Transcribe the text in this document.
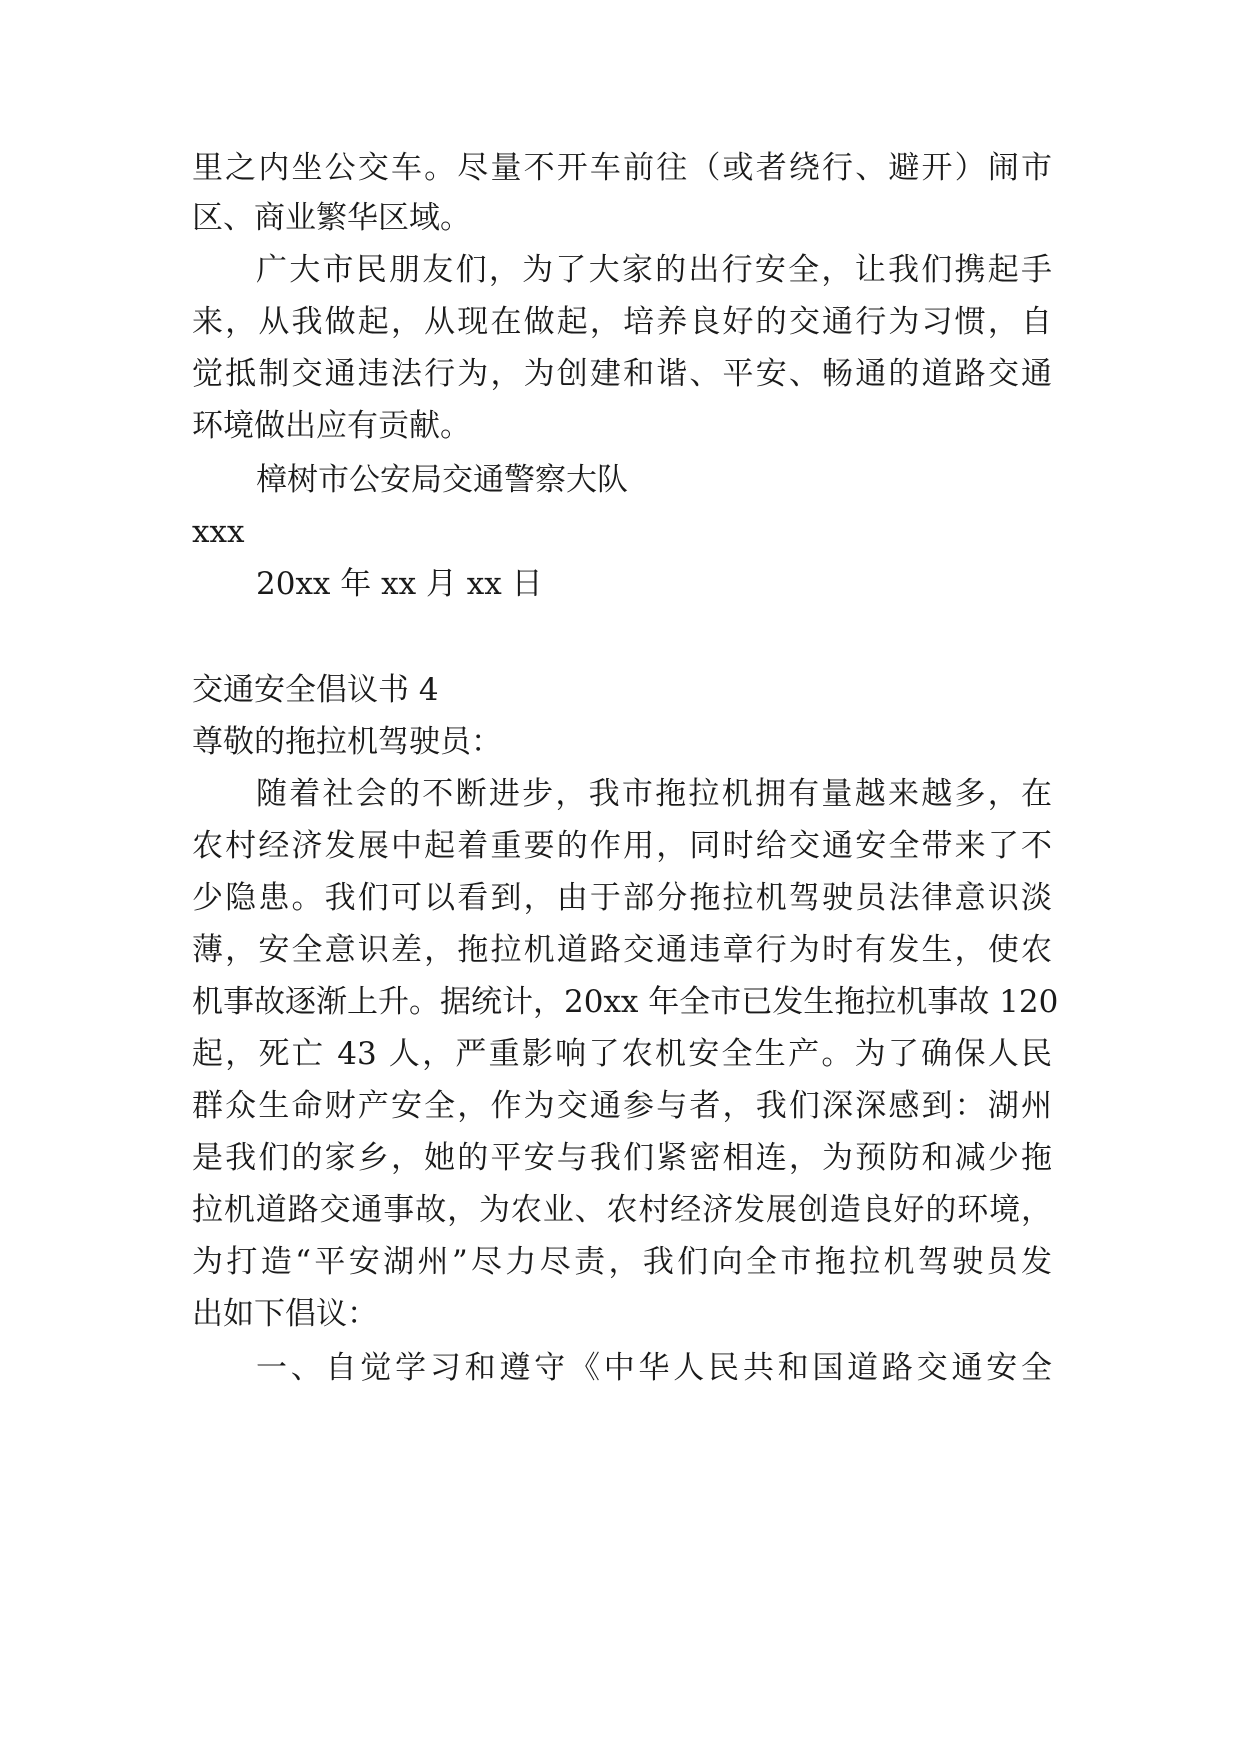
里之内坐公交车。尽量不开车前往（或者绕行、避开）闹市
区、商业繁华区域。
广大市民朋友们，为了大家的出行安全，让我们携起手
来，从我做起，从现在做起，培养良好的交通行为习惯，自
觉抵制交通违法行为，为创建和谐、平安、畅通的道路交通
环境做出应有贡献。
樟树市公安局交通警察大队
xxx
20xx 年 xx 月 xx 日
交通安全倡议书 4
尊敬的拖拉机驾驶员：
随着社会的不断进步，我市拖拉机拥有量越来越多，在
农村经济发展中起着重要的作用，同时给交通安全带来了不
少隐患。我们可以看到，由于部分拖拉机驾驶员法律意识淡
薄，安全意识差，拖拉机道路交通违章行为时有发生，使农
机事故逐渐上升。据统计，20xx 年全市已发生拖拉机事故 120
起，死亡 43 人，严重影响了农机安全生产。为了确保人民
群众生命财产安全，作为交通参与者，我们深深感到：湖州
是我们的家乡，她的平安与我们紧密相连，为预防和减少拖
拉机道路交通事故，为农业、农村经济发展创造良好的环境，
为打造“平安湖州”尽力尽责，我们向全市拖拉机驾驶员发
出如下倡议：
一、自觉学习和遵守《中华人民共和国道路交通安全
